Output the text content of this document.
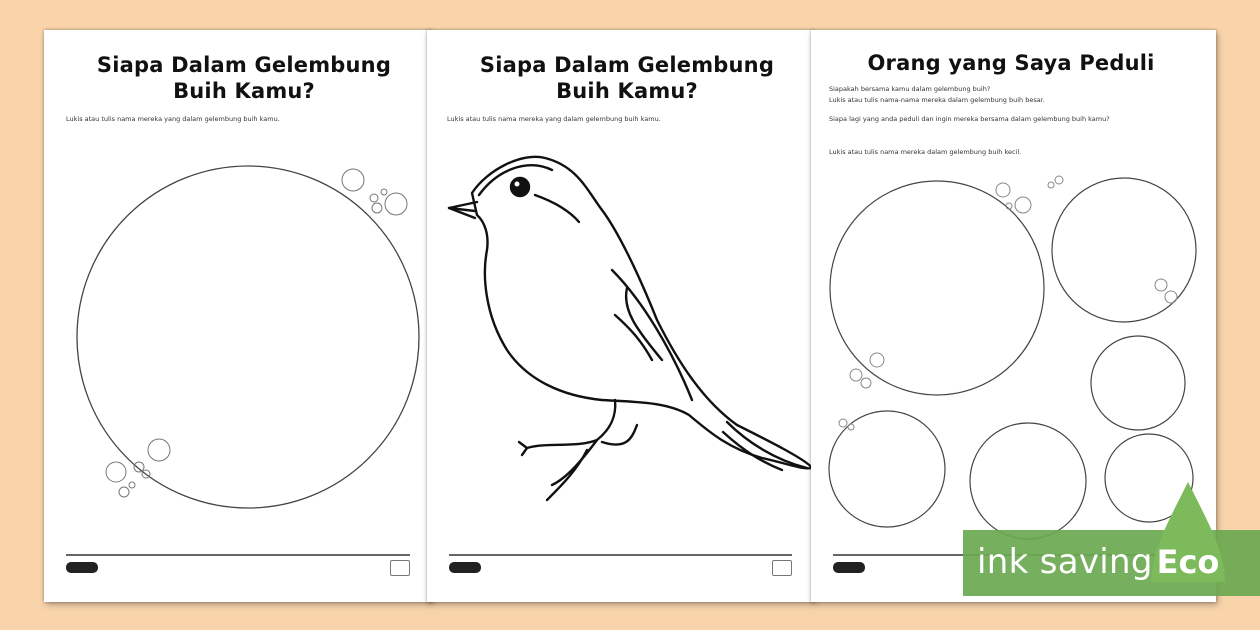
Siapa Dalam Gelembung
Buih Kamu?
Lukis atau tulis nama mereka yang dalam gelembung buih kamu.
Siapa Dalam Gelembung
Buih Kamu?
Lukis atau tulis nama mereka yang dalam gelembung buih kamu.
Orang yang Saya Peduli
Siapakah bersama kamu dalam gelembung buih?
Lukis atau tulis nama-nama mereka dalam gelembung buih besar.
Siapa lagi yang anda peduli dan ingin mereka bersama dalam gelembung buih kamu?
Lukis atau tulis nama mereka dalam gelembung buih kecil.
ink saving Eco
